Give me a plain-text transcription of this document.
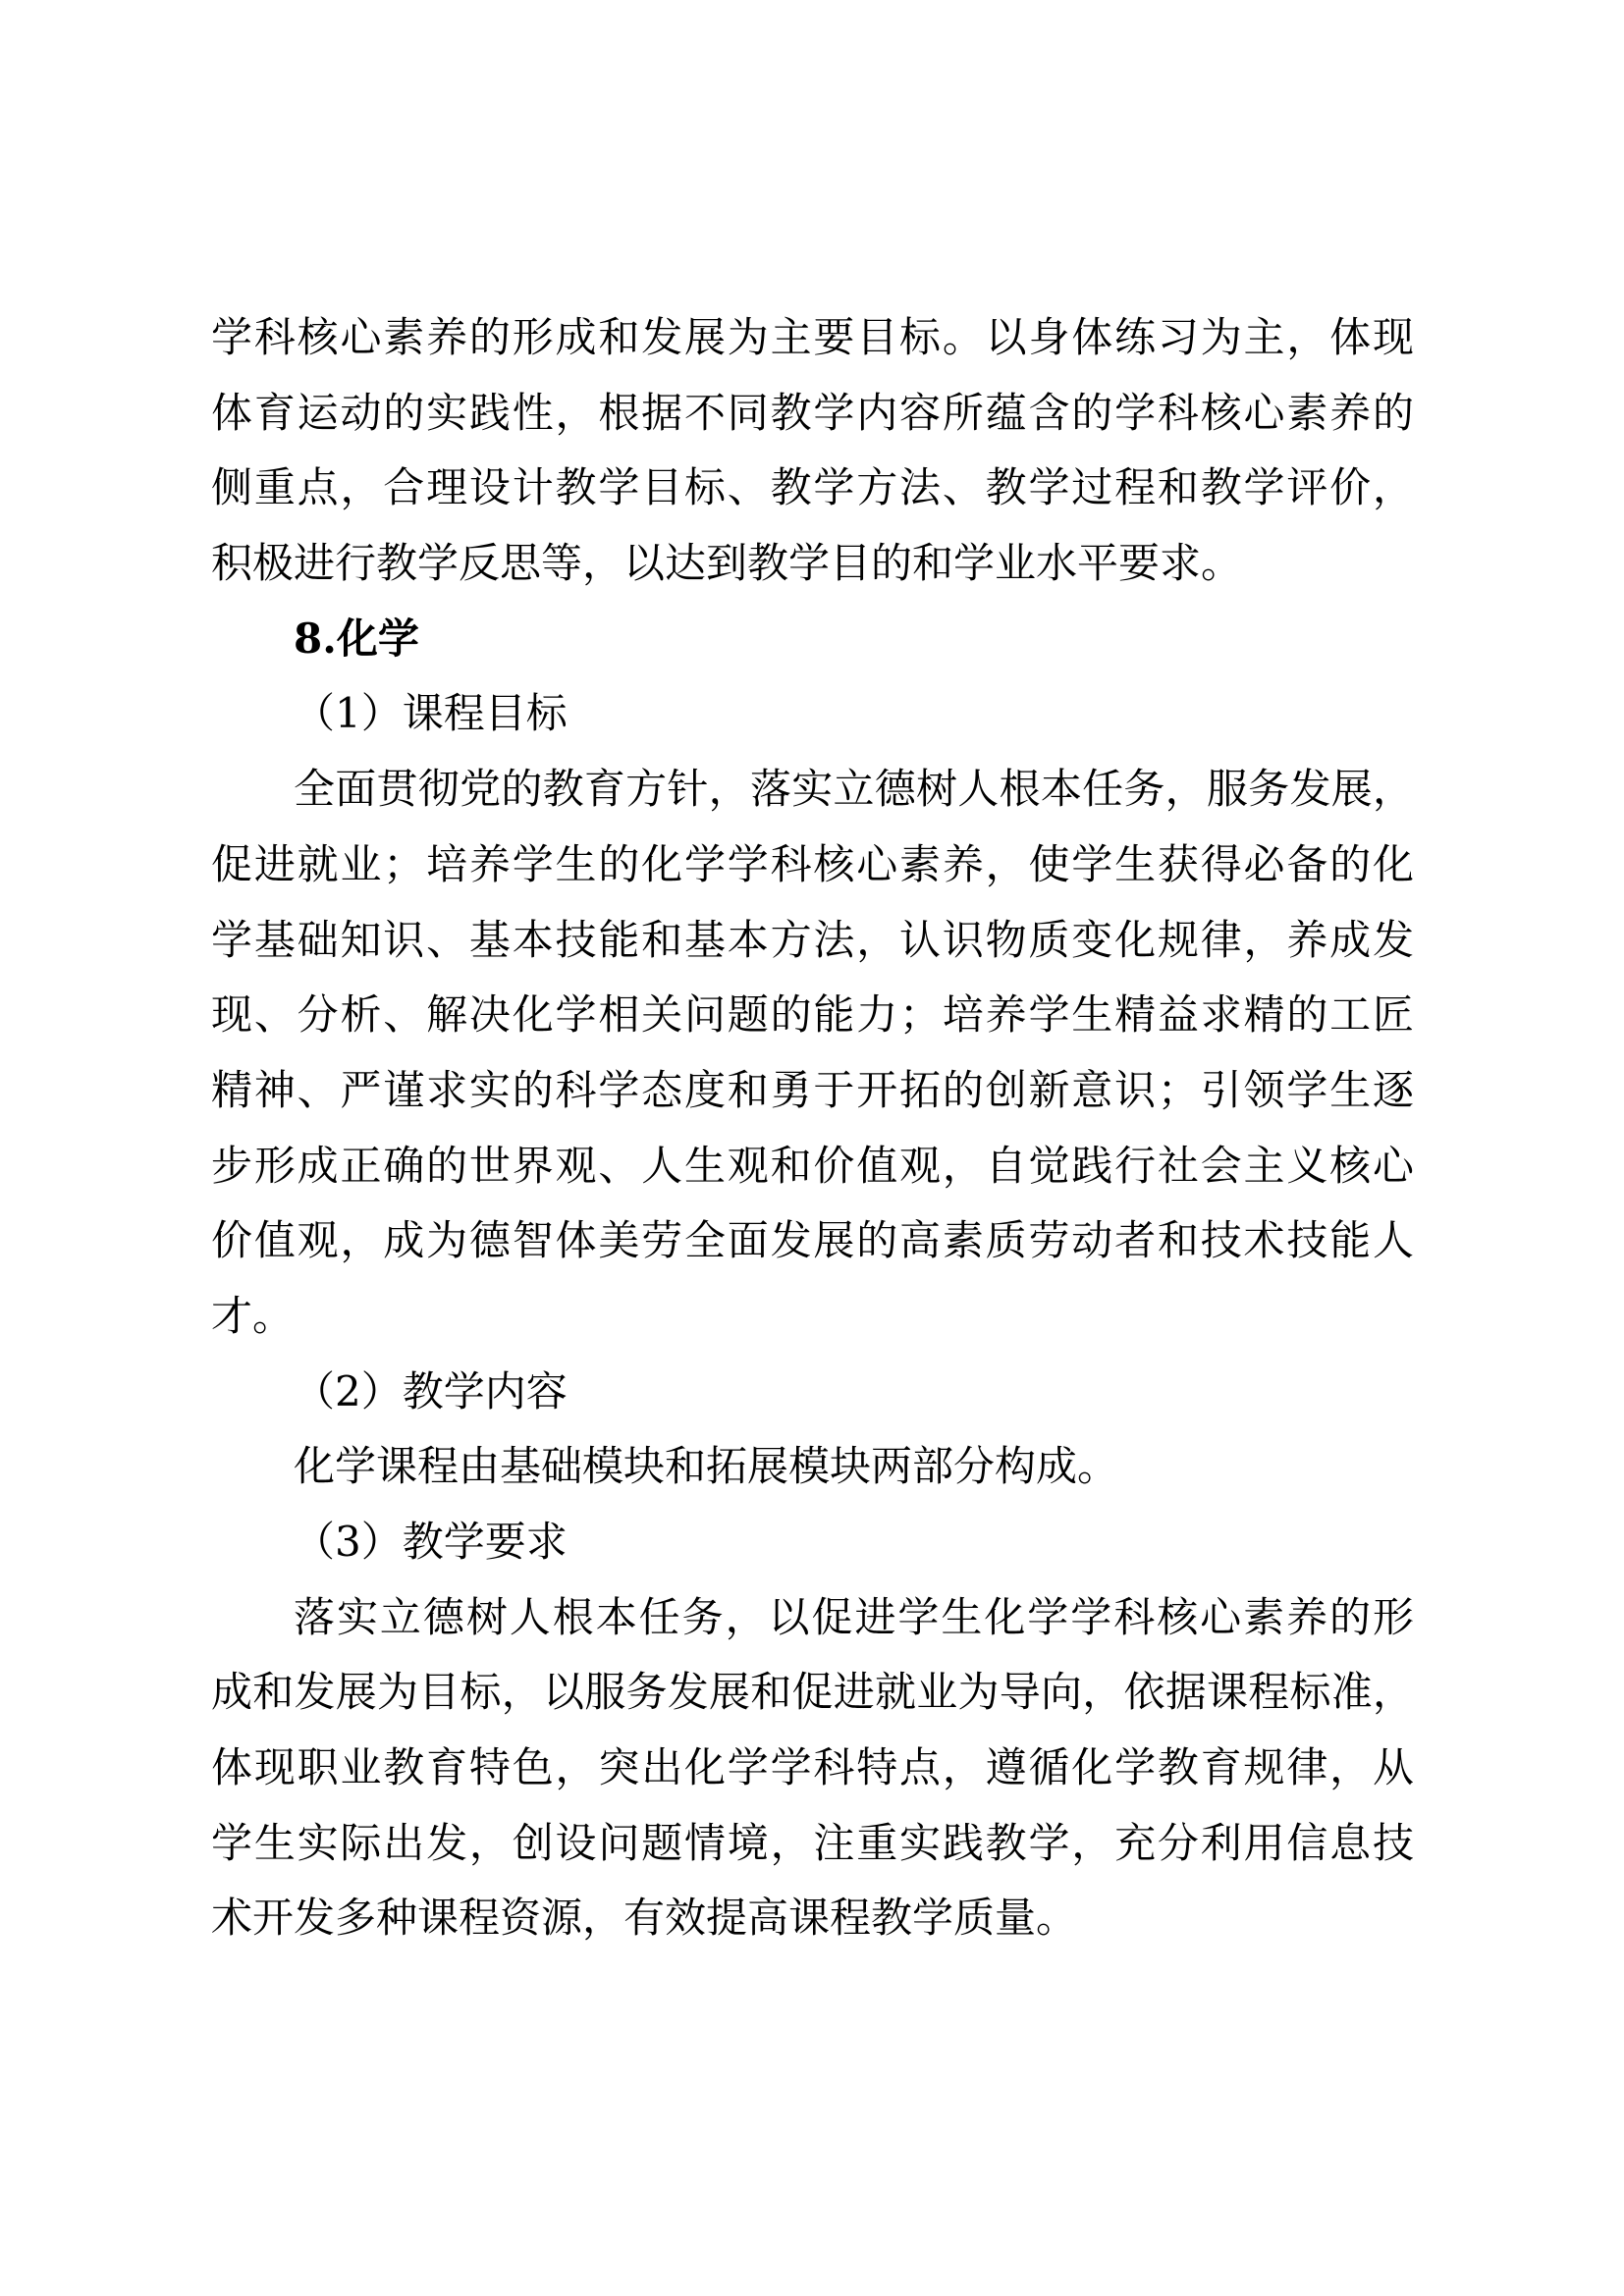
学科核心素养的形成和发展为主要目标。以身体练习为主，体现
体育运动的实践性，根据不同教学内容所蕴含的学科核心素养的
侧重点，合理设计教学目标、教学方法、教学过程和教学评价，
积极进行教学反思等，以达到教学目的和学业水平要求。
8.化学
（1）课程目标
全面贯彻党的教育方针，落实立德树人根本任务，服务发展，
促进就业；培养学生的化学学科核心素养，使学生获得必备的化
学基础知识、基本技能和基本方法，认识物质变化规律，养成发
现、分析、解决化学相关问题的能力；培养学生精益求精的工匠
精神、严谨求实的科学态度和勇于开拓的创新意识；引领学生逐
步形成正确的世界观、人生观和价值观，自觉践行社会主义核心
价值观，成为德智体美劳全面发展的高素质劳动者和技术技能人
才。
（2）教学内容
化学课程由基础模块和拓展模块两部分构成。
（3）教学要求
落实立德树人根本任务，以促进学生化学学科核心素养的形
成和发展为目标，以服务发展和促进就业为导向，依据课程标准，
体现职业教育特色，突出化学学科特点，遵循化学教育规律，从
学生实际出发，创设问题情境，注重实践教学，充分利用信息技
术开发多种课程资源，有效提高课程教学质量。
